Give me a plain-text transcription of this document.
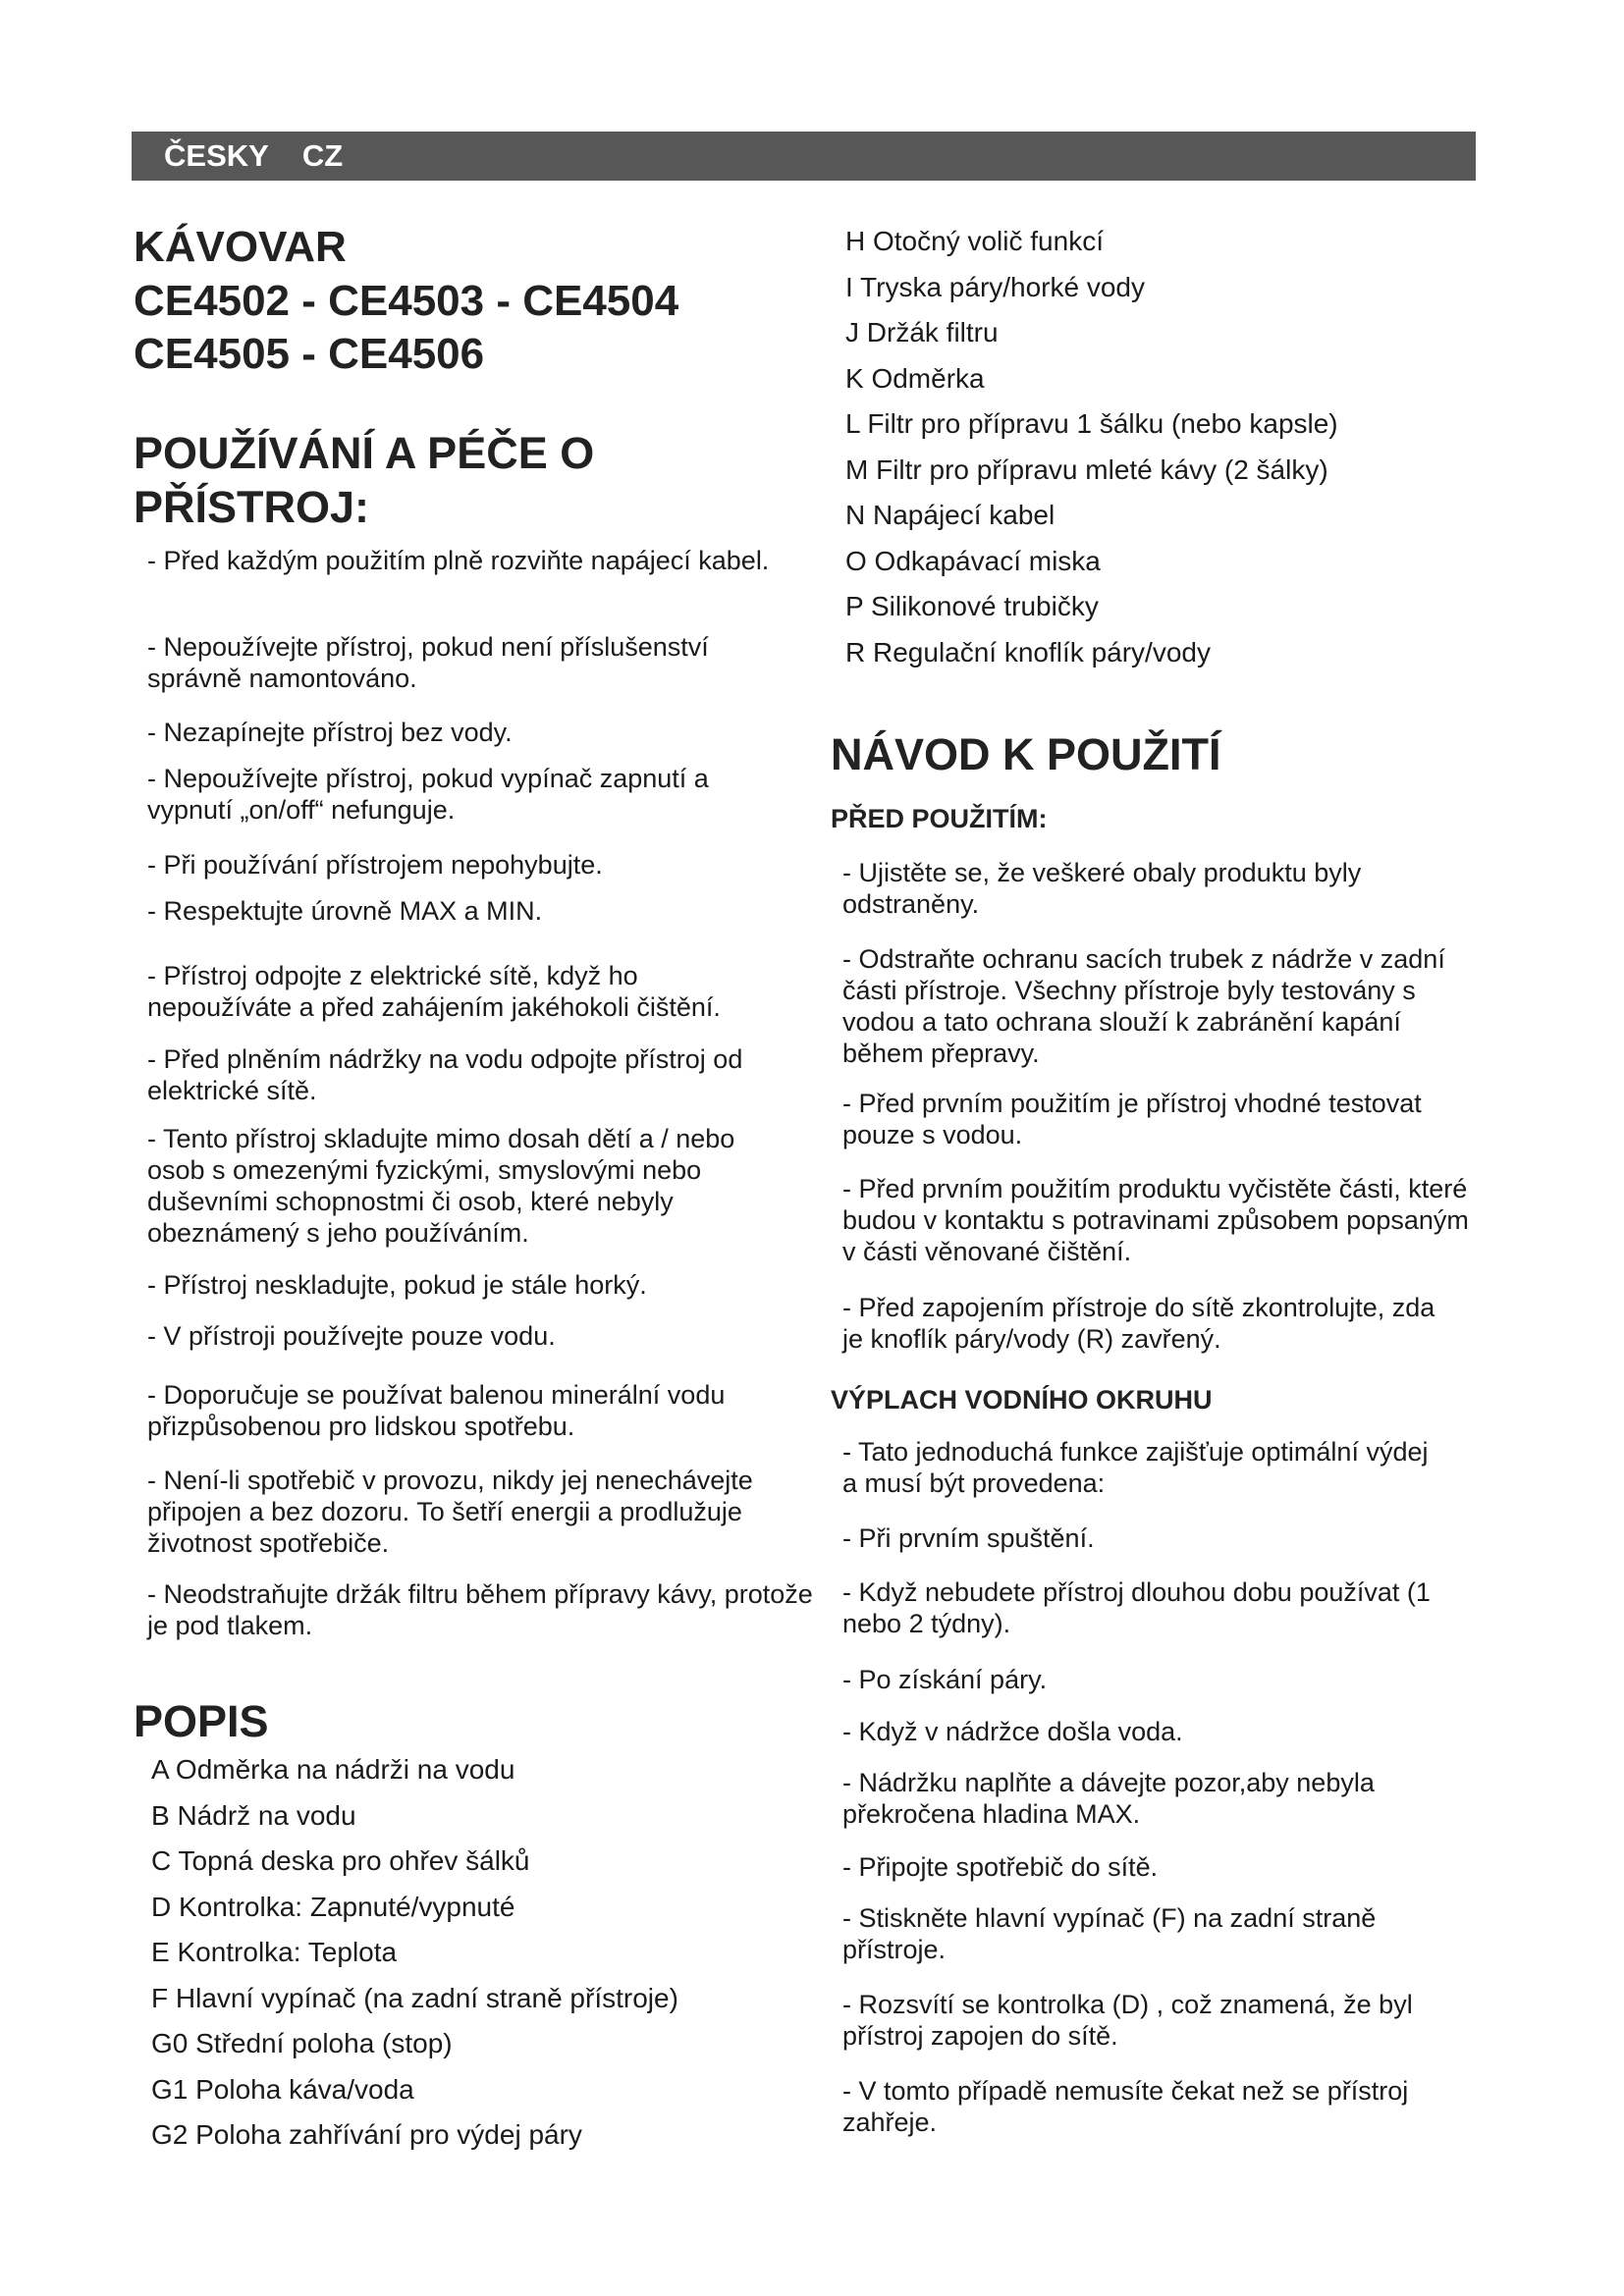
ČESKY CZ
KÁVOVAR
CE4502 - CE4503 - CE4504
CE4505 - CE4506
POUŽÍVÁNÍ A PÉČE O
PŘÍSTROJ:
- Před každým použitím plně rozviňte napájecí kabel.
- Nepoužívejte přístroj, pokud není příslušenství správně namontováno.
- Nezapínejte přístroj bez vody.
- Nepoužívejte přístroj, pokud vypínač zapnutí a vypnutí „on/off“ nefunguje.
- Při používání přístrojem nepohybujte.
- Respektujte úrovně MAX a MIN.
- Přístroj odpojte z elektrické sítě, když ho nepoužíváte a před zahájením jakéhokoli čištění.
- Před plněním nádržky na vodu odpojte přístroj od elektrické sítě.
- Tento přístroj skladujte mimo dosah dětí a / nebo osob s omezenými fyzickými, smyslovými nebo duševními schopnostmi či osob, které nebyly obeznámený s jeho používáním.
- Přístroj neskladujte, pokud je stále horký.
- V přístroji používejte pouze vodu.
- Doporučuje se používat balenou minerální vodu přizpůsobenou pro lidskou spotřebu.
- Není-li spotřebič v provozu, nikdy jej nenechávejte připojen a bez dozoru. To šetří energii a prodlužuje životnost spotřebiče.
- Neodstraňujte držák filtru během přípravy kávy, protože je pod tlakem.
POPIS
A Odměrka na nádrži na vodu
B Nádrž na vodu
C Topná deska pro ohřev šálků
D Kontrolka: Zapnuté/vypnuté
E Kontrolka: Teplota
F Hlavní vypínač (na zadní straně přístroje)
G0 Střední poloha (stop)
G1 Poloha káva/voda
G2 Poloha zahřívání pro výdej páry
H Otočný volič funkcí
I Tryska páry/horké vody
J Držák filtru
K Odměrka
L Filtr pro přípravu 1 šálku (nebo kapsle)
M Filtr pro přípravu mleté kávy (2 šálky)
N Napájecí kabel
O Odkapávací miska
P Silikonové trubičky
R Regulační knoflík páry/vody
NÁVOD K POUŽITÍ
PŘED POUŽITÍM:
- Ujistěte se, že veškeré obaly produktu byly odstraněny.
- Odstraňte ochranu sacích trubek z nádrže v zadní části přístroje. Všechny přístroje byly testovány s vodou a tato ochrana slouží k zabránění kapání během přepravy.
- Před prvním použitím je přístroj vhodné testovat pouze s vodou.
- Před prvním použitím produktu vyčistěte části, které budou v kontaktu s potravinami způsobem popsaným v části věnované čištění.
- Před zapojením přístroje do sítě zkontrolujte, zda je knoflík páry/vody (R) zavřený.
VÝPLACH VODNÍHO OKRUHU
- Tato jednoduchá funkce zajišťuje optimální výdej a musí být provedena:
- Při prvním spuštění.
- Když nebudete přístroj dlouhou dobu používat (1 nebo 2 týdny).
- Po získání páry.
- Když v nádržce došla voda.
- Nádržku naplňte a dávejte pozor,aby nebyla překročena hladina MAX.
- Připojte spotřebič do sítě.
- Stiskněte hlavní vypínač (F) na zadní straně přístroje.
- Rozsvítí se kontrolka (D) , což znamená, že byl přístroj zapojen do sítě.
- V tomto případě nemusíte čekat než se přístroj zahřeje.
